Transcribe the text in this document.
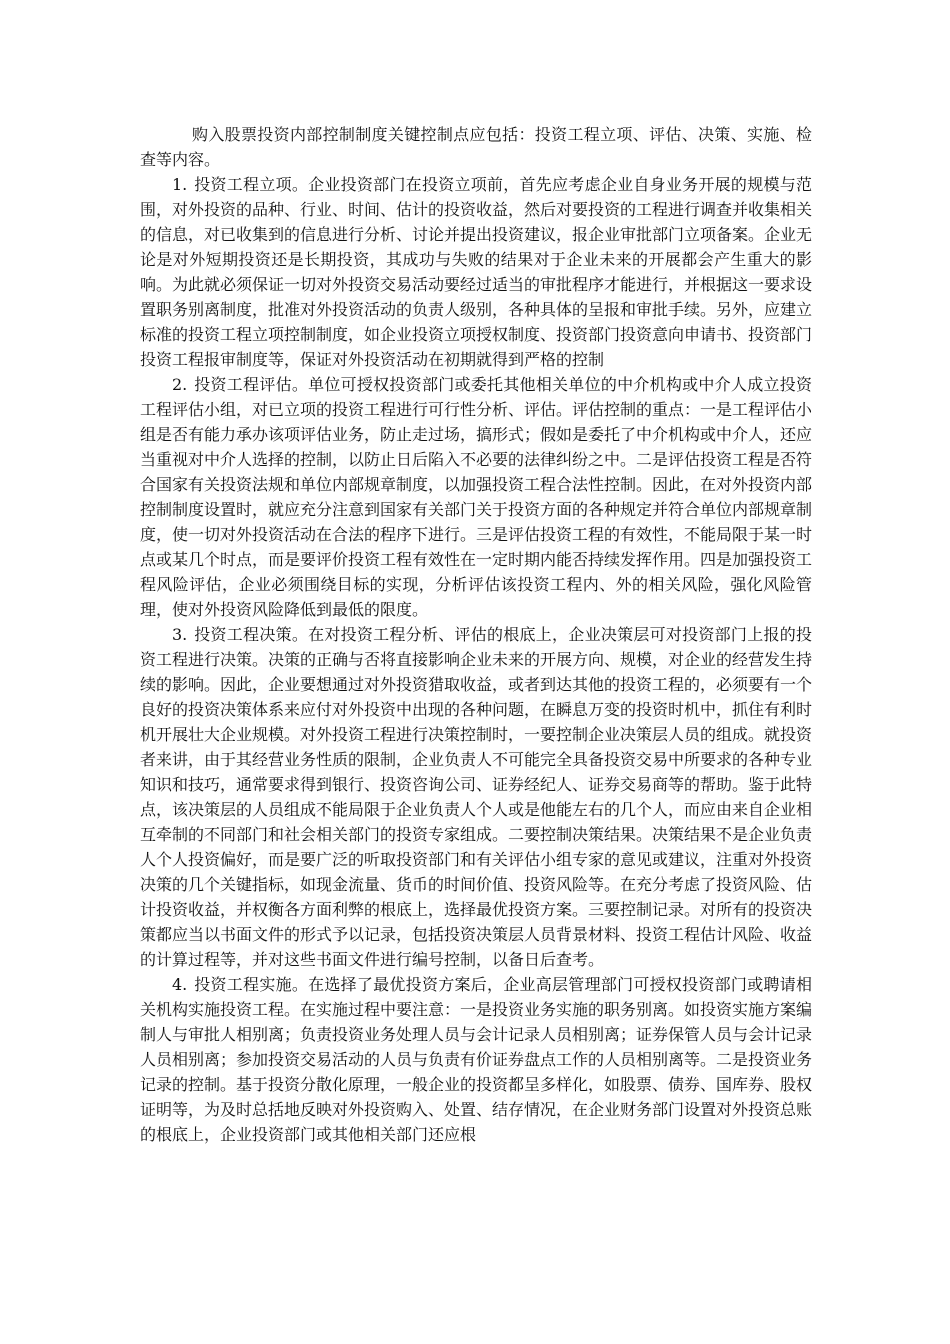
购入股票投资内部控制制度关键控制点应包括：投资工程立项、评估、决策、实施、检查等内容。

1. 投资工程立项。企业投资部门在投资立项前，首先应考虑企业自身业务开展的规模与范围，对外投资的品种、行业、时间、估计的投资收益，然后对要投资的工程进行调查并收集相关的信息，对已收集到的信息进行分析、讨论并提出投资建议，报企业审批部门立项备案。企业无论是对外短期投资还是长期投资，其成功与失败的结果对于企业未来的开展都会产生重大的影响。为此就必须保证一切对外投资交易活动要经过适当的审批程序才能进行，并根据这一要求设置职务别离制度，批准对外投资活动的负责人级别，各种具体的呈报和审批手续。另外，应建立标准的投资工程立项控制制度，如企业投资立项授权制度、投资部门投资意向申请书、投资部门投资工程报审制度等，保证对外投资活动在初期就得到严格的控制

2. 投资工程评估。单位可授权投资部门或委托其他相关单位的中介机构或中介人成立投资工程评估小组，对已立项的投资工程进行可行性分析、评估。评估控制的重点：一是工程评估小组是否有能力承办该项评估业务，防止走过场，搞形式；假如是委托了中介机构或中介人，还应当重视对中介人选择的控制，以防止日后陷入不必要的法律纠纷之中。二是评估投资工程是否符合国家有关投资法规和单位内部规章制度，以加强投资工程合法性控制。因此，在对外投资内部控制制度设置时，就应充分注意到国家有关部门关于投资方面的各种规定并符合单位内部规章制度，使一切对外投资活动在合法的程序下进行。三是评估投资工程的有效性，不能局限于某一时点或某几个时点，而是要评价投资工程有效性在一定时期内能否持续发挥作用。四是加强投资工程风险评估，企业必须围绕目标的实现，分析评估该投资工程内、外的相关风险，强化风险管理，使对外投资风险降低到最低的限度。

3. 投资工程决策。在对投资工程分析、评估的根底上，企业决策层可对投资部门上报的投资工程进行决策。决策的正确与否将直接影响企业未来的开展方向、规模，对企业的经营发生持续的影响。因此，企业要想通过对外投资猎取收益，或者到达其他的投资工程的，必须要有一个良好的投资决策体系来应付对外投资中出现的各种问题，在瞬息万变的投资时机中，抓住有利时机开展壮大企业规模。对外投资工程进行决策控制时，一要控制企业决策层人员的组成。就投资者来讲，由于其经营业务性质的限制，企业负责人不可能完全具备投资交易中所要求的各种专业知识和技巧，通常要求得到银行、投资咨询公司、证券经纪人、证券交易商等的帮助。鉴于此特点，该决策层的人员组成不能局限于企业负责人个人或是他能左右的几个人，而应由来自企业相互牵制的不同部门和社会相关部门的投资专家组成。二要控制决策结果。决策结果不是企业负责人个人投资偏好，而是要广泛的听取投资部门和有关评估小组专家的意见或建议，注重对外投资决策的几个关键指标，如现金流量、货币的时间价值、投资风险等。在充分考虑了投资风险、估计投资收益，并权衡各方面利弊的根底上，选择最优投资方案。三要控制记录。对所有的投资决策都应当以书面文件的形式予以记录，包括投资决策层人员背景材料、投资工程估计风险、收益的计算过程等，并对这些书面文件进行编号控制，以备日后查考。

4. 投资工程实施。在选择了最优投资方案后，企业高层管理部门可授权投资部门或聘请相关机构实施投资工程。在实施过程中要注意：一是投资业务实施的职务别离。如投资实施方案编制人与审批人相别离；负责投资业务处理人员与会计记录人员相别离；证券保管人员与会计记录人员相别离；参加投资交易活动的人员与负责有价证券盘点工作的人员相别离等。二是投资业务记录的控制。基于投资分散化原理，一般企业的投资都呈多样化，如股票、债券、国库券、股权证明等，为及时总括地反映对外投资购入、处置、结存情况，在企业财务部门设置对外投资总账的根底上，企业投资部门或其他相关部门还应根
